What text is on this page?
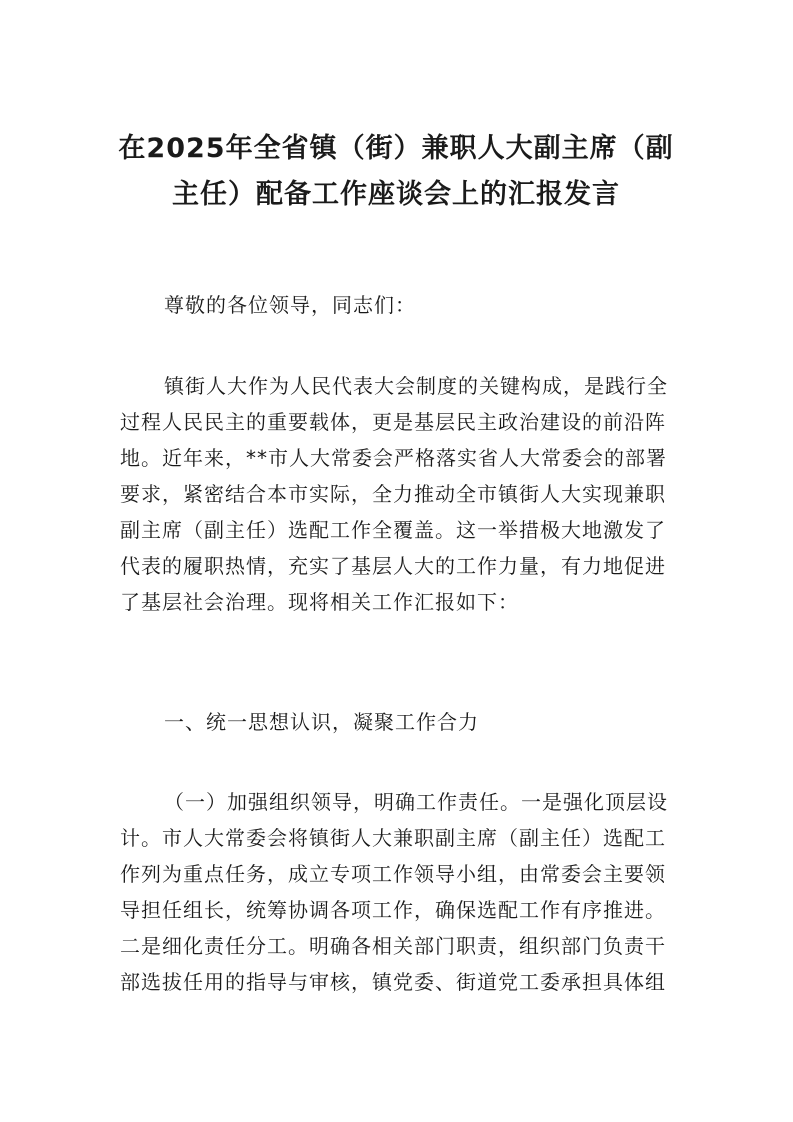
在2025年全省镇（街）兼职人大副主席（副
主任）配备工作座谈会上的汇报发言

尊敬的各位领导，同志们：

镇街人大作为人民代表大会制度的关键构成，是践行全
过程人民民主的重要载体，更是基层民主政治建设的前沿阵
地。近年来，**市人大常委会严格落实省人大常委会的部署
要求，紧密结合本市实际，全力推动全市镇街人大实现兼职
副主席（副主任）选配工作全覆盖。这一举措极大地激发了
代表的履职热情，充实了基层人大的工作力量，有力地促进
了基层社会治理。现将相关工作汇报如下：

一、统一思想认识，凝聚工作合力

（一）加强组织领导，明确工作责任。一是强化顶层设
计。市人大常委会将镇街人大兼职副主席（副主任）选配工
作列为重点任务，成立专项工作领导小组，由常委会主要领
导担任组长，统筹协调各项工作，确保选配工作有序推进。
二是细化责任分工。明确各相关部门职责，组织部门负责干
部选拔任用的指导与审核，镇党委、街道党工委承担具体组
